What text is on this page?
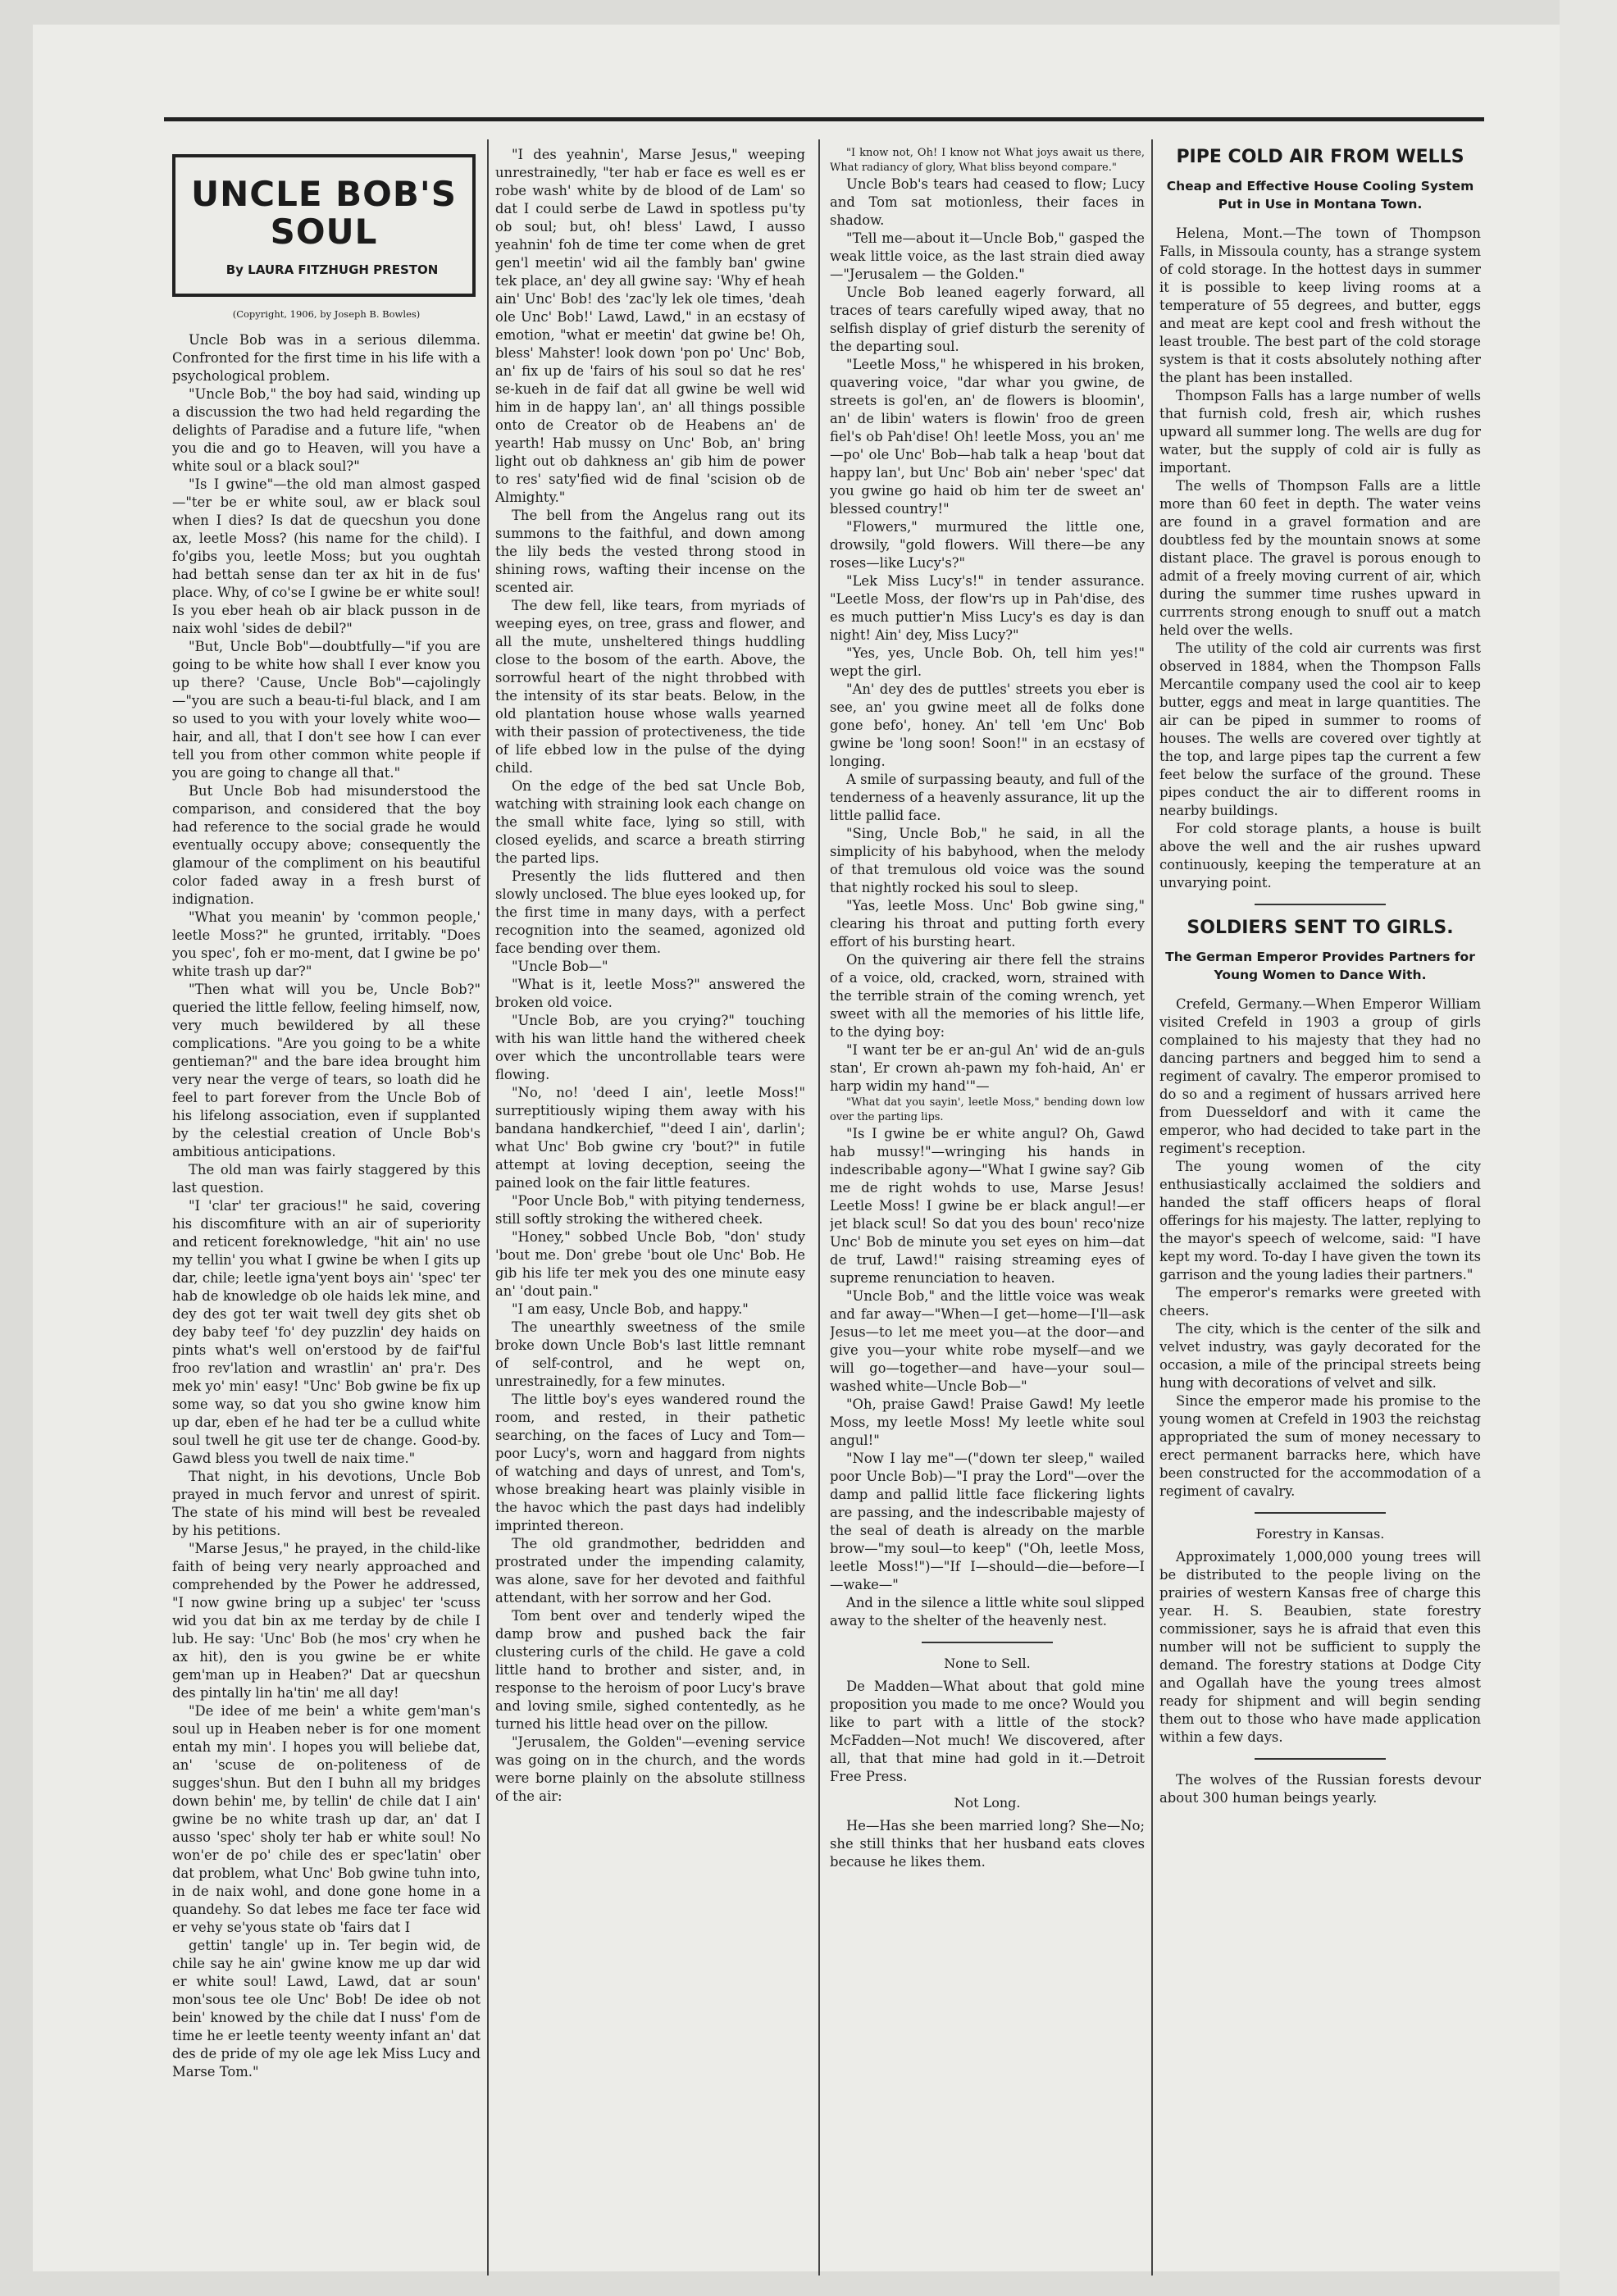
UNCLE BOB'S SOUL

By LAURA FITZHUGH PRESTON

(Copyright, 1906, by Joseph B. Bowles)

Uncle Bob was in a serious dilemma. Confronted for the first time in his life with a psychological problem.

"Uncle Bob," the boy had said, winding up a discussion the two had held regarding the delights of Paradise and a future life, "when you die and go to Heaven, will you have a white soul or a black soul?"

"Is I gwine"—the old man almost gasped—"ter be er white soul, aw er black soul when I dies? Is dat de quecshun you done ax, leetle Moss? (his name for the child). I fo'gibs you, leetle Moss; but you oughtah had bettah sense dan ter ax hit in de fus' place. Why, of co'se I gwine be er white soul! Is you eber heah ob air black pusson in de naix wohl 'sides de debil?"

"But, Uncle Bob"—doubtfully—"if you are going to be white how shall I ever know you up there? 'Cause, Uncle Bob"—cajolingly—"you are such a beau-ti-ful black, and I am so used to you with your lovely white woo—hair, and all, that I don't see how I can ever tell you from other common white people if you are going to change all that."

But Uncle Bob had misunderstood the comparison, and considered that the boy had reference to the social grade he would eventually occupy above; consequently the glamour of the compliment on his beautiful color faded away in a fresh burst of indignation.

"What you meanin' by 'common people,' leetle Moss?" he grunted, irritably. "Does you spec', foh er mo-ment, dat I gwine be po' white trash up dar?"

"Then what will you be, Uncle Bob?" queried the little fellow, feeling himself, now, very much bewildered by all these complications. "Are you going to be a white gentieman?" and the bare idea brought him very near the verge of tears, so loath did he feel to part forever from the Uncle Bob of his lifelong association, even if supplanted by the celestial creation of Uncle Bob's ambitious anticipations.

The old man was fairly staggered by this last question.

"I 'clar' ter gracious!" he said, covering his discomfiture with an air of superiority and reticent foreknowledge, "hit ain' no use my tellin' you what I gwine be when I gits up dar, chile; leetle igna'yent boys ain' 'spec' ter hab de knowledge ob ole haids lek mine, and dey des got ter wait twell dey gits shet ob dey baby teef 'fo' dey puzzlin' dey haids on pints what's well on'erstood by de faif'ful froo rev'lation and wrastlin' an' pra'r. Des mek yo' min' easy! "Unc' Bob gwine be fix up some way, so dat you sho gwine know him up dar, eben ef he had ter be a cullud white soul twell he git use ter de change. Good-by. Gawd bless you twell de naix time."

That night, in his devotions, Uncle Bob prayed in much fervor and unrest of spirit. The state of his mind will best be revealed by his petitions.

"Marse Jesus," he prayed, in the child-like faith of being very nearly approached and comprehended by the Power he addressed, "I now gwine bring up a subjec' ter 'scuss wid you dat bin ax me terday by de chile I lub. He say: 'Unc' Bob (he mos' cry when he ax hit), den is you gwine be er white gem'man up in Heaben?' Dat ar quecshun des pintally lin ha'tin' me all day!

"De idee of me bein' a white gem'man's soul up in Heaben neber is for one moment entah my min'. I hopes you will beliebe dat, an' 'scuse de on-politeness of de sugges'shun. But den I buhn all my bridges down behin' me, by tellin' de chile dat I ain' gwine be no white trash up dar, an' dat I ausso 'spec' sholy ter hab er white soul! No won'er de po' chile des er spec'latin' ober dat problem, what Unc' Bob gwine tuhn into, in de naix wohl, and done gone home in a quandehy. So dat lebes me face ter face wid er vehy se'yous state ob 'fairs dat I

gettin' tangle' up in. Ter begin wid, de chile say he ain' gwine know me up dar wid er white soul! Lawd, Lawd, dat ar soun' mon'sous tee ole Unc' Bob! De idee ob not bein' knowed by the chile dat I nuss' f'om de time he er leetle teenty weenty infant an' dat des de pride of my ole age lek Miss Lucy and Marse Tom."

"I des yeahnin', Marse Jesus," weeping unrestrainedly, "ter hab er face es well es er robe wash' white by de blood of de Lam' so dat I could serbe de Lawd in spotless pu'ty ob soul; but, oh! bless' Lawd, I ausso yeahnin' foh de time ter come when de gret gen'l meetin' wid ail the fambly ban' gwine tek place, an' dey all gwine say: 'Why ef heah ain' Unc' Bob! des 'zac'ly lek ole times, 'deah ole Unc' Bob!' Lawd, Lawd," in an ecstasy of emotion, "what er meetin' dat gwine be! Oh, bless' Mahster! look down 'pon po' Unc' Bob, an' fix up de 'fairs of his soul so dat he res' se-kueh in de faif dat all gwine be well wid him in de happy lan', an' all things possible onto de Creator ob de Heabens an' de yearth! Hab mussy on Unc' Bob, an' bring light out ob dahkness an' gib him de power to res' saty'fied wid de final 'scision ob de Almighty."

The bell from the Angelus rang out its summons to the faithful, and down among the lily beds the vested throng stood in shining rows, wafting their incense on the scented air.

The dew fell, like tears, from myriads of weeping eyes, on tree, grass and flower, and all the mute, unsheltered things huddling close to the bosom of the earth. Above, the sorrowful heart of the night throbbed with the intensity of its star beats. Below, in the old plantation house whose walls yearned with their passion of protectiveness, the tide of life ebbed low in the pulse of the dying child.

On the edge of the bed sat Uncle Bob, watching with straining look each change on the small white face, lying so still, with closed eyelids, and scarce a breath stirring the parted lips.

Presently the lids fluttered and then slowly unclosed. The blue eyes looked up, for the first time in many days, with a perfect recognition into the seamed, agonized old face bending over them.

"Uncle Bob—"

"What is it, leetle Moss?" answered the broken old voice.

"Uncle Bob, are you crying?" touching with his wan little hand the withered cheek over which the uncontrollable tears were flowing.

"No, no! 'deed I ain', leetle Moss!" surreptitiously wiping them away with his bandana handkerchief, "'deed I ain', darlin'; what Unc' Bob gwine cry 'bout?" in futile attempt at loving deception, seeing the pained look on the fair little features.

"Poor Uncle Bob," with pitying tenderness, still softly stroking the withered cheek.

"Honey," sobbed Uncle Bob, "don' study 'bout me. Don' grebe 'bout ole Unc' Bob. He gib his life ter mek you des one minute easy an' 'dout pain."

"I am easy, Uncle Bob, and happy."

The unearthly sweetness of the smile broke down Uncle Bob's last little remnant of self-control, and he wept on, unrestrainedly, for a few minutes.

The little boy's eyes wandered round the room, and rested, in their pathetic searching, on the faces of Lucy and Tom—poor Lucy's, worn and haggard from nights of watching and days of unrest, and Tom's, whose breaking heart was plainly visible in the havoc which the past days had indelibly imprinted thereon.

The old grandmother, bedridden and prostrated under the impending calamity, was alone, save for her devoted and faithful attendant, with her sorrow and her God.

Tom bent over and tenderly wiped the damp brow and pushed back the fair clustering curls of the child. He gave a cold little hand to brother and sister, and, in response to the heroism of poor Lucy's brave and loving smile, sighed contentedly, as he turned his little head over on the pillow.

"Jerusalem, the Golden"—evening service was going on in the church, and the words were borne plainly on the absolute stillness of the air:

"I know not, Oh! I know not What joys await us there, What radiancy of glory, What bliss beyond compare."

Uncle Bob's tears had ceased to flow; Lucy and Tom sat motionless, their faces in shadow.

"Tell me—about it—Uncle Bob," gasped the weak little voice, as the last strain died away—"Jerusalem — the Golden."

Uncle Bob leaned eagerly forward, all traces of tears carefully wiped away, that no selfish display of grief disturb the serenity of the departing soul.

"Leetle Moss," he whispered in his broken, quavering voice, "dar whar you gwine, de streets is gol'en, an' de flowers is bloomin', an' de libin' waters is flowin' froo de green fiel's ob Pah'dise! Oh! leetle Moss, you an' me—po' ole Unc' Bob—hab talk a heap 'bout dat happy lan', but Unc' Bob ain' neber 'spec' dat you gwine go haid ob him ter de sweet an' blessed country!"

"Flowers," murmured the little one, drowsily, "gold flowers. Will there—be any roses—like Lucy's?"

"Lek Miss Lucy's!" in tender assurance. "Leetle Moss, der flow'rs up in Pah'dise, des es much puttier'n Miss Lucy's es day is dan night! Ain' dey, Miss Lucy?"

"Yes, yes, Uncle Bob. Oh, tell him yes!" wept the girl.

"An' dey des de puttles' streets you eber is see, an' you gwine meet all de folks done gone befo', honey. An' tell 'em Unc' Bob gwine be 'long soon! Soon!" in an ecstasy of longing.

A smile of surpassing beauty, and full of the tenderness of a heavenly assurance, lit up the little pallid face.

"Sing, Uncle Bob," he said, in all the simplicity of his babyhood, when the melody of that tremulous old voice was the sound that nightly rocked his soul to sleep.

"Yas, leetle Moss. Unc' Bob gwine sing," clearing his throat and putting forth every effort of his bursting heart.

On the quivering air there fell the strains of a voice, old, cracked, worn, strained with the terrible strain of the coming wrench, yet sweet with all the memories of his little life, to the dying boy:

"I want ter be er an-gul An' wid de an-guls stan', Er crown ah-pawn my foh-haid, An' er harp widin my hand'"—

"What dat you sayin', leetle Moss," bending down low over the parting lips.

"Is I gwine be er white angul? Oh, Gawd hab mussy!"—wringing his hands in indescribable agony—"What I gwine say? Gib me de right wohds to use, Marse Jesus! Leetle Moss! I gwine be er black angul!—er jet black scul! So dat you des boun' reco'nize Unc' Bob de minute you set eyes on him—dat de truf, Lawd!" raising streaming eyes of supreme renunciation to heaven.

"Uncle Bob," and the little voice was weak and far away—"When—I get—home—I'll—ask Jesus—to let me meet you—at the door—and give you—your white robe myself—and we will go—together—and have—your soul—washed white—Uncle Bob—"

"Oh, praise Gawd! Praise Gawd! My leetle Moss, my leetle Moss! My leetle white soul angul!"

"Now I lay me"—("down ter sleep," wailed poor Uncle Bob)—"I pray the Lord"—over the damp and pallid little face flickering lights are passing, and the indescribable majesty of the seal of death is already on the marble brow—"my soul—to keep" ("Oh, leetle Moss, leetle Moss!")—"If I—should—die—before—I—wake—"

And in the silence a little white soul slipped away to the shelter of the heavenly nest.

None to Sell.

De Madden—What about that gold mine proposition you made to me once? Would you like to part with a little of the stock? McFadden—Not much! We discovered, after all, that that mine had gold in it.—Detroit Free Press.

Not Long.

He—Has she been married long? She—No; she still thinks that her husband eats cloves because he likes them.

PIPE COLD AIR FROM WELLS
Cheap and Effective House Cooling System Put in Use in Montana Town.

Helena, Mont.—The town of Thompson Falls, in Missoula county, has a strange system of cold storage. In the hottest days in summer it is possible to keep living rooms at a temperature of 55 degrees, and butter, eggs and meat are kept cool and fresh without the least trouble. The best part of the cold storage system is that it costs absolutely nothing after the plant has been installed.

Thompson Falls has a large number of wells that furnish cold, fresh air, which rushes upward all summer long. The wells are dug for water, but the supply of cold air is fully as important.

The wells of Thompson Falls are a little more than 60 feet in depth. The water veins are found in a gravel formation and are doubtless fed by the mountain snows at some distant place. The gravel is porous enough to admit of a freely moving current of air, which during the summer time rushes upward in currrents strong enough to snuff out a match held over the wells.

The utility of the cold air currents was first observed in 1884, when the Thompson Falls Mercantile company used the cool air to keep butter, eggs and meat in large quantities. The air can be piped in summer to rooms of houses. The wells are covered over tightly at the top, and large pipes tap the current a few feet below the surface of the ground. These pipes conduct the air to different rooms in nearby buildings.

For cold storage plants, a house is built above the well and the air rushes upward continuously, keeping the temperature at an unvarying point.

SOLDIERS SENT TO GIRLS.
The German Emperor Provides Partners for Young Women to Dance With.

Crefeld, Germany.—When Emperor William visited Crefeld in 1903 a group of girls complained to his majesty that they had no dancing partners and begged him to send a regiment of cavalry. The emperor promised to do so and a regiment of hussars arrived here from Duesseldorf and with it came the emperor, who had decided to take part in the regiment's reception.

The young women of the city enthusiastically acclaimed the soldiers and handed the staff officers heaps of floral offerings for his majesty. The latter, replying to the mayor's speech of welcome, said: "I have kept my word. To-day I have given the town its garrison and the young ladies their partners."

The emperor's remarks were greeted with cheers.

The city, which is the center of the silk and velvet industry, was gayly decorated for the occasion, a mile of the principal streets being hung with decorations of velvet and silk.

Since the emperor made his promise to the young women at Crefeld in 1903 the reichstag appropriated the sum of money necessary to erect permanent barracks here, which have been constructed for the accommodation of a regiment of cavalry.

Forestry in Kansas.

Approximately 1,000,000 young trees will be distributed to the people living on the prairies of western Kansas free of charge this year. H. S. Beaubien, state forestry commissioner, says he is afraid that even this number will not be sufficient to supply the demand. The forestry stations at Dodge City and Ogallah have the young trees almost ready for shipment and will begin sending them out to those who have made application within a few days.

The wolves of the Russian forests devour about 300 human beings yearly.
